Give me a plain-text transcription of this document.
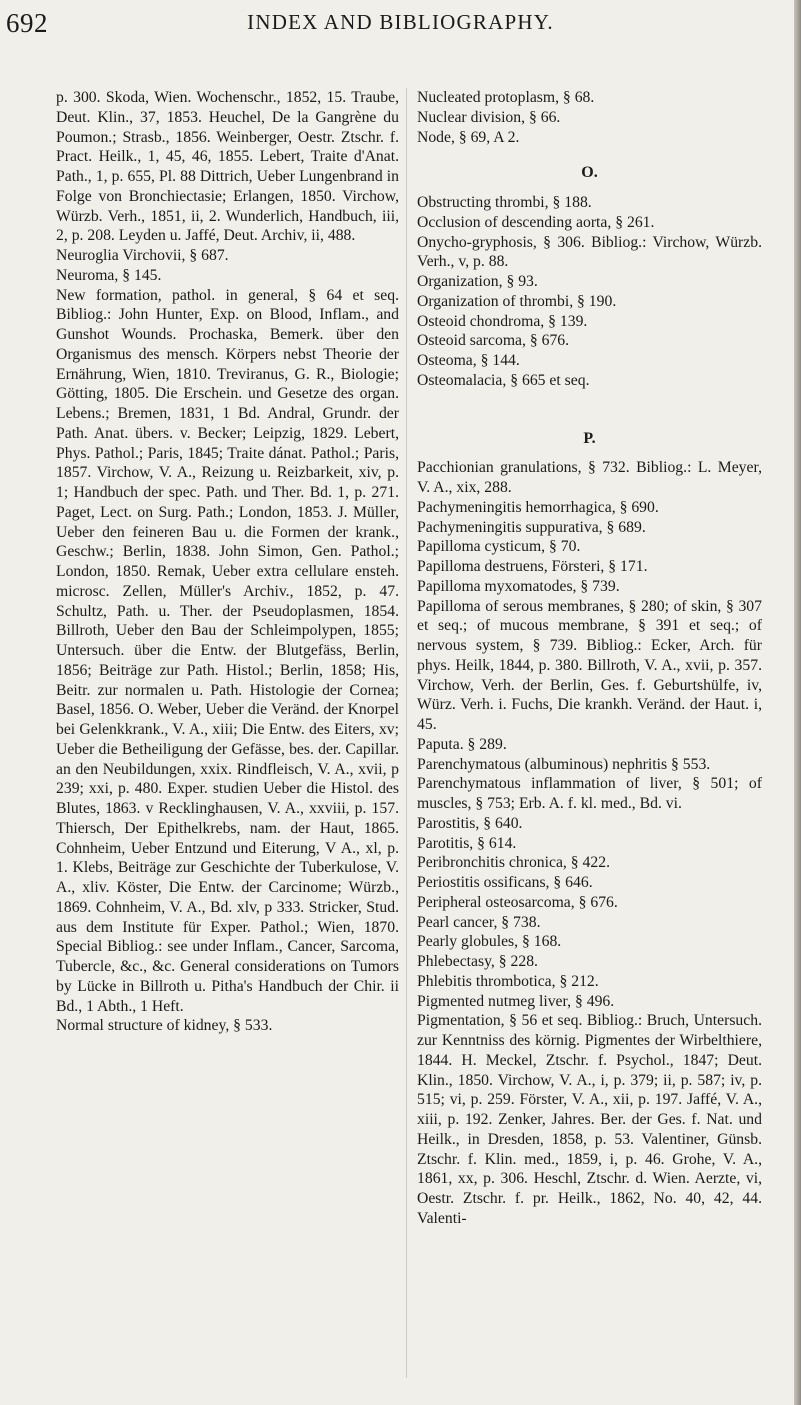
692	INDEX AND BIBLIOGRAPHY.

p. 300. Skoda, Wien. Wochenschr., 1852, 15. Traube, Deut. Klin., 37, 1853. Heuchel, De la Gangrène du Poumon.; Strasb., 1856. Weinberger, Oestr. Ztschr. f. Pract. Heilk., 1, 45, 46, 1855. Lebert, Traite d'Anat. Path., 1, p. 655, Pl. 88 Dittrich, Ueber Lungenbrand in Folge von Bronchiectasie; Erlangen, 1850. Virchow, Würzb. Verh., 1851, ii, 2. Wunderlich, Handbuch, iii, 2, p. 208. Leyden u. Jaffé, Deut. Archiv, ii, 488.

Neuroglia Virchovii, § 687.

Neuroma, § 145.

New formation, pathol. in general, § 64 et seq. Bibliog.: John Hunter, Exp. on Blood, Inflam., and Gunshot Wounds. Prochaska, Bemerk. über den Organismus des mensch. Körpers nebst Theorie der Ernährung, Wien, 1810. Treviranus, G. R., Biologie; Götting, 1805. Die Erschein. und Gesetze des organ. Lebens.; Bremen, 1831, 1 Bd. Andral, Grundr. der Path. Anat. übers. v. Becker; Leipzig, 1829. Lebert, Phys. Pathol.; Paris, 1845; Traite dánat. Pathol.; Paris, 1857. Virchow, V. A., Reizung u. Reizbarkeit, xiv, p. 1; Handbuch der spec. Path. und Ther. Bd. 1, p. 271. Paget, Lect. on Surg. Path.; London, 1853. J. Müller, Ueber den feineren Bau u. die Formen der krank., Geschw.; Berlin, 1838. John Simon, Gen. Pathol.; London, 1850. Remak, Ueber extra cellulare ensteh. microsc. Zellen, Müller's Archiv., 1852, p. 47. Schultz, Path. u. Ther. der Pseudoplasmen, 1854. Billroth, Ueber den Bau der Schleimpolypen, 1855; Untersuch. über die Entw. der Blutgefäss, Berlin, 1856; Beiträge zur Path. Histol.; Berlin, 1858; His, Beitr. zur normalen u. Path. Histologie der Cornea; Basel, 1856. O. Weber, Ueber die Veränd. der Knorpel bei Gelenkkrank., V. A., xiii; Die Entw. des Eiters, xv; Ueber die Betheiligung der Gefässe, bes. der. Capillar. an den Neubildungen, xxix. Rindfleisch, V. A., xvii, p 239; xxi, p. 480. Exper. studien Ueber die Histol. des Blutes, 1863. v Recklinghausen, V. A., xxviii, p. 157. Thiersch, Der Epithelkrebs, nam. der Haut, 1865. Cohnheim, Ueber Entzund und Eiterung, V A., xl, p. 1. Klebs, Beiträge zur Geschichte der Tuberkulose, V. A., xliv. Köster, Die Entw. der Carcinome; Würzb., 1869. Cohnheim, V. A., Bd. xlv, p 333. Stricker, Stud. aus dem Institute für Exper. Pathol.; Wien, 1870. Special Bibliog.: see under Inflam., Cancer, Sarcoma, Tubercle, &c., &c. General considerations on Tumors by Lücke in Billroth u. Pitha's Handbuch der Chir. ii Bd., 1 Abth., 1 Heft.

Normal structure of kidney, § 533.

Nucleated protoplasm, § 68.

Nuclear division, § 66.

Node, § 69, A 2.

O.

Obstructing thrombi, § 188.

Occlusion of descending aorta, § 261.

Onycho-gryphosis, § 306. Bibliog.: Virchow, Würzb. Verh., v, p. 88.

Organization, § 93.

Organization of thrombi, § 190.

Osteoid chondroma, § 139.

Osteoid sarcoma, § 676.

Osteoma, § 144.

Osteomalacia, § 665 et seq.

P.

Pacchionian granulations, § 732. Bibliog.: L. Meyer, V. A., xix, 288.

Pachymeningitis hemorrhagica, § 690.

Pachymeningitis suppurativa, § 689.

Papilloma cysticum, § 70.

Papilloma destruens, Försteri, § 171.

Papilloma myxomatodes, § 739.

Papilloma of serous membranes, § 280; of skin, § 307 et seq.; of mucous membrane, § 391 et seq.; of nervous system, § 739. Bibliog.: Ecker, Arch. für phys. Heilk, 1844, p. 380. Billroth, V. A., xvii, p. 357. Virchow, Verh. der Berlin, Ges. f. Geburtshülfe, iv, Würz. Verh. i. Fuchs, Die krankh. Veränd. der Haut. i, 45.

Paputa. § 289.

Parenchymatous (albuminous) nephritis § 553.

Parenchymatous inflammation of liver, § 501; of muscles, § 753; Erb. A. f. kl. med., Bd. vi.

Parostitis, § 640.

Parotitis, § 614.

Peribronchitis chronica, § 422.

Periostitis ossificans, § 646.

Peripheral osteosarcoma, § 676.

Pearl cancer, § 738.

Pearly globules, § 168.

Phlebectasy, § 228.

Phlebitis thrombotica, § 212.

Pigmented nutmeg liver, § 496.

Pigmentation, § 56 et seq. Bibliog.: Bruch, Untersuch. zur Kenntniss des körnig. Pigmentes der Wirbelthiere, 1844. H. Meckel, Ztschr. f. Psychol., 1847; Deut. Klin., 1850. Virchow, V. A., i, p. 379; ii, p. 587; iv, p. 515; vi, p. 259. Förster, V. A., xii, p. 197. Jaffé, V. A., xiii, p. 192. Zenker, Jahres. Ber. der Ges. f. Nat. und Heilk., in Dresden, 1858, p. 53. Valentiner, Günsb. Ztschr. f. Klin. med., 1859, i, p. 46. Grohe, V. A., 1861, xx, p. 306. Heschl, Ztschr. d. Wien. Aerzte, vi, Oestr. Ztschr. f. pr. Heilk., 1862, No. 40, 42, 44. Valenti-
